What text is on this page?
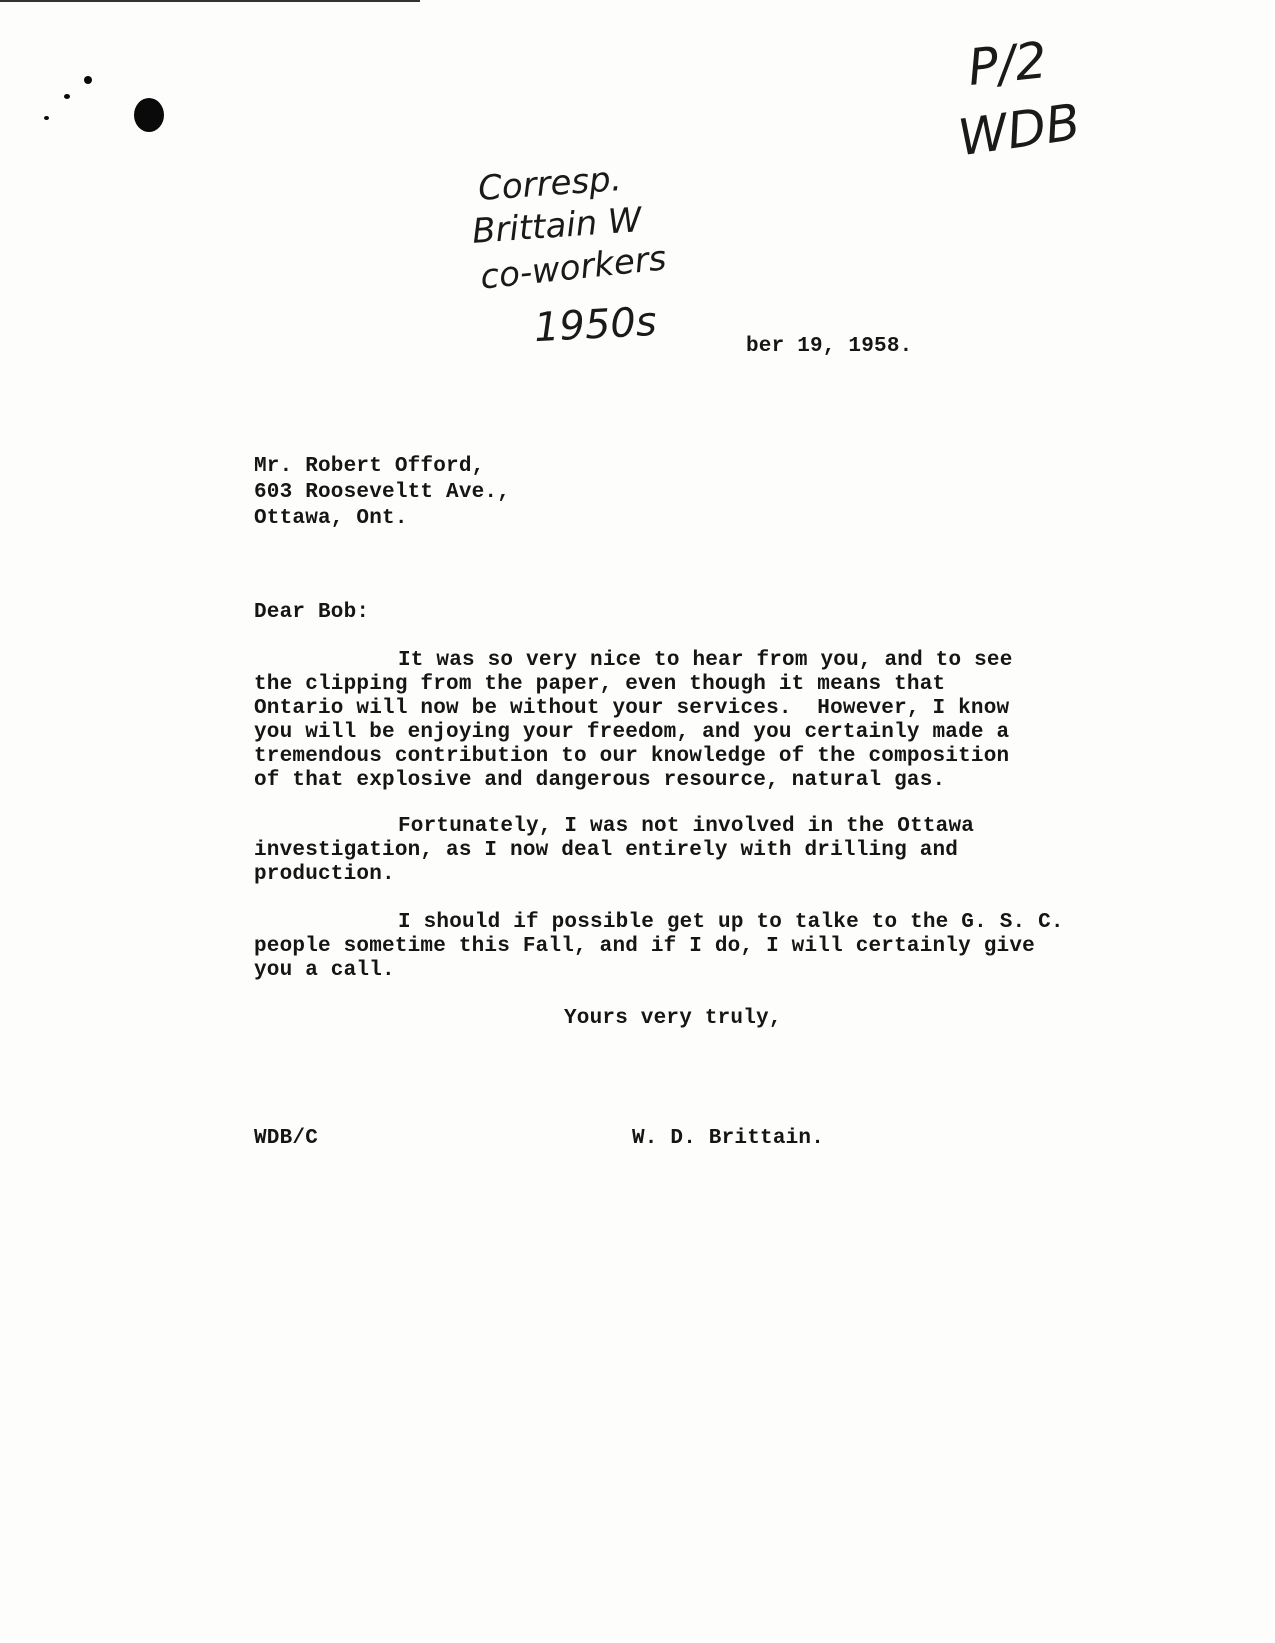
P/2
WDB
Corresp.
Brittain W
co-workers
1950s	ber 19, 1958.
Mr. Robert Offord,
603 Rooseveltt Ave.,
Ottawa, Ont.
Dear Bob:
It was so very nice to hear from you, and to see
the clipping from the paper, even though it means that
Ontario will now be without your services.  However, I know
you will be enjoying your freedom, and you certainly made a
tremendous contribution to our knowledge of the composition
of that explosive and dangerous resource, natural gas.
Fortunately, I was not involved in the Ottawa
investigation, as I now deal entirely with drilling and
production.
I should if possible get up to talke to the G. S. C.
people sometime this Fall, and if I do, I will certainly give
you a call.
Yours very truly,
WDB/C	W. D. Brittain.
